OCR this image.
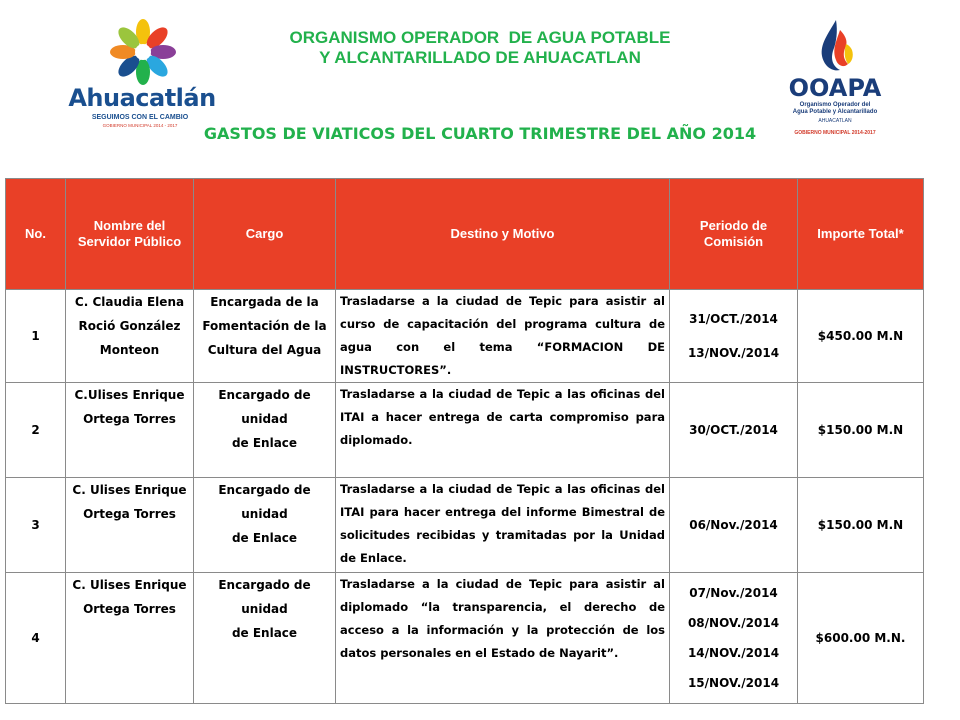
Ahuacatlán
SEGUIMOS CON EL CAMBIO
GOBIERNO MUNICIPAL 2014 - 2017
ORGANISMO OPERADOR  DE AGUA POTABLE
Y ALCANTARILLADO DE AHUACATLAN
OOAPA
Organismo Operador del
Agua Potable y Alcantarillado
AHUACATLAN
GOBIERNO MUNICIPAL 2014-2017
GASTOS DE VIATICOS DEL CUARTO TRIMESTRE DEL AÑO 2014
No.	Nombre del Servidor Público	Cargo	Destino y Motivo	Periodo de Comisión	Importe Total*
1	C. Claudia Elena
Roció González
Monteon	Encargada de la
Fomentación de la
Cultura del Agua	Trasladarse a la ciudad de Tepic para asistir al curso de capacitación del programa cultura de agua con el tema “FORMACION DE INSTRUCTORES”.	31/OCT./2014
13/NOV./2014	$450.00 M.N
2	C.Ulises Enrique
Ortega Torres	Encargado de unidad
de Enlace	Trasladarse a la ciudad de Tepic a las oficinas del ITAI a hacer entrega de carta compromiso para diplomado.	30/OCT./2014	$150.00 M.N
3	C. Ulises Enrique
Ortega Torres	Encargado de unidad
de Enlace	Trasladarse a la ciudad de Tepic a las oficinas del ITAI para hacer entrega del informe Bimestral de solicitudes recibidas y tramitadas por la Unidad de Enlace.	06/Nov./2014	$150.00 M.N
4	C. Ulises Enrique
Ortega Torres	Encargado de unidad
de Enlace	Trasladarse a la ciudad de Tepic para asistir al diplomado “la transparencia, el derecho de acceso a la información y la protección de los datos personales en el Estado de Nayarit”.	07/Nov./2014
08/NOV./2014
14/NOV./2014
15/NOV./2014	$600.00 M.N.
